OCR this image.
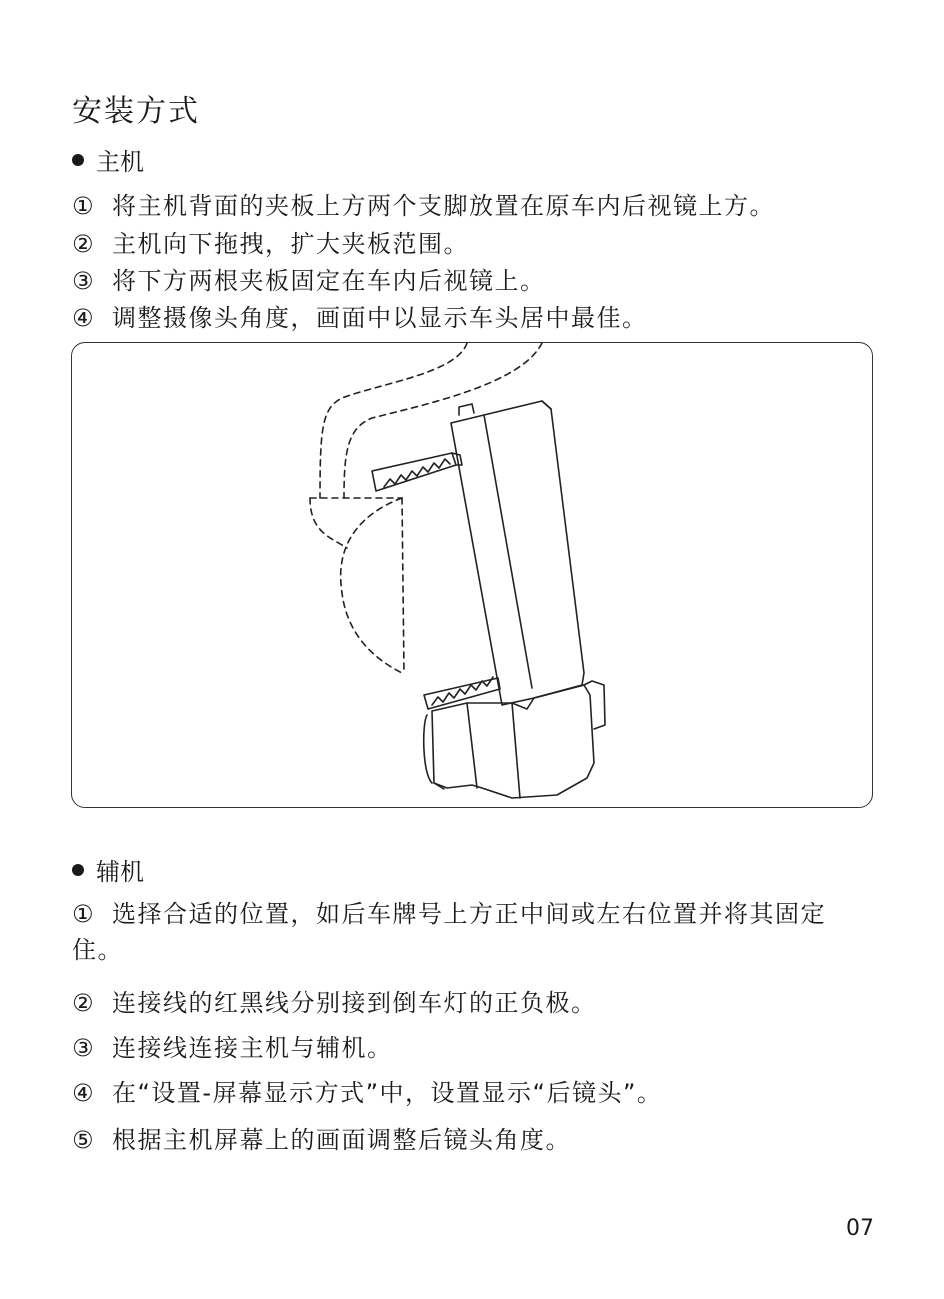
安装方式
主机
① 将主机背面的夹板上方两个支脚放置在原车内后视镜上方。
② 主机向下拖拽，扩大夹板范围。
③ 将下方两根夹板固定在车内后视镜上。
④ 调整摄像头角度，画面中以显示车头居中最佳。
辅机
① 选择合适的位置，如后车牌号上方正中间或左右位置并将其固定住。
② 连接线的红黑线分别接到倒车灯的正负极。
③ 连接线连接主机与辅机。
④ 在“设置-屏幕显示方式”中，设置显示“后镜头”。
⑤ 根据主机屏幕上的画面调整后镜头角度。
07
